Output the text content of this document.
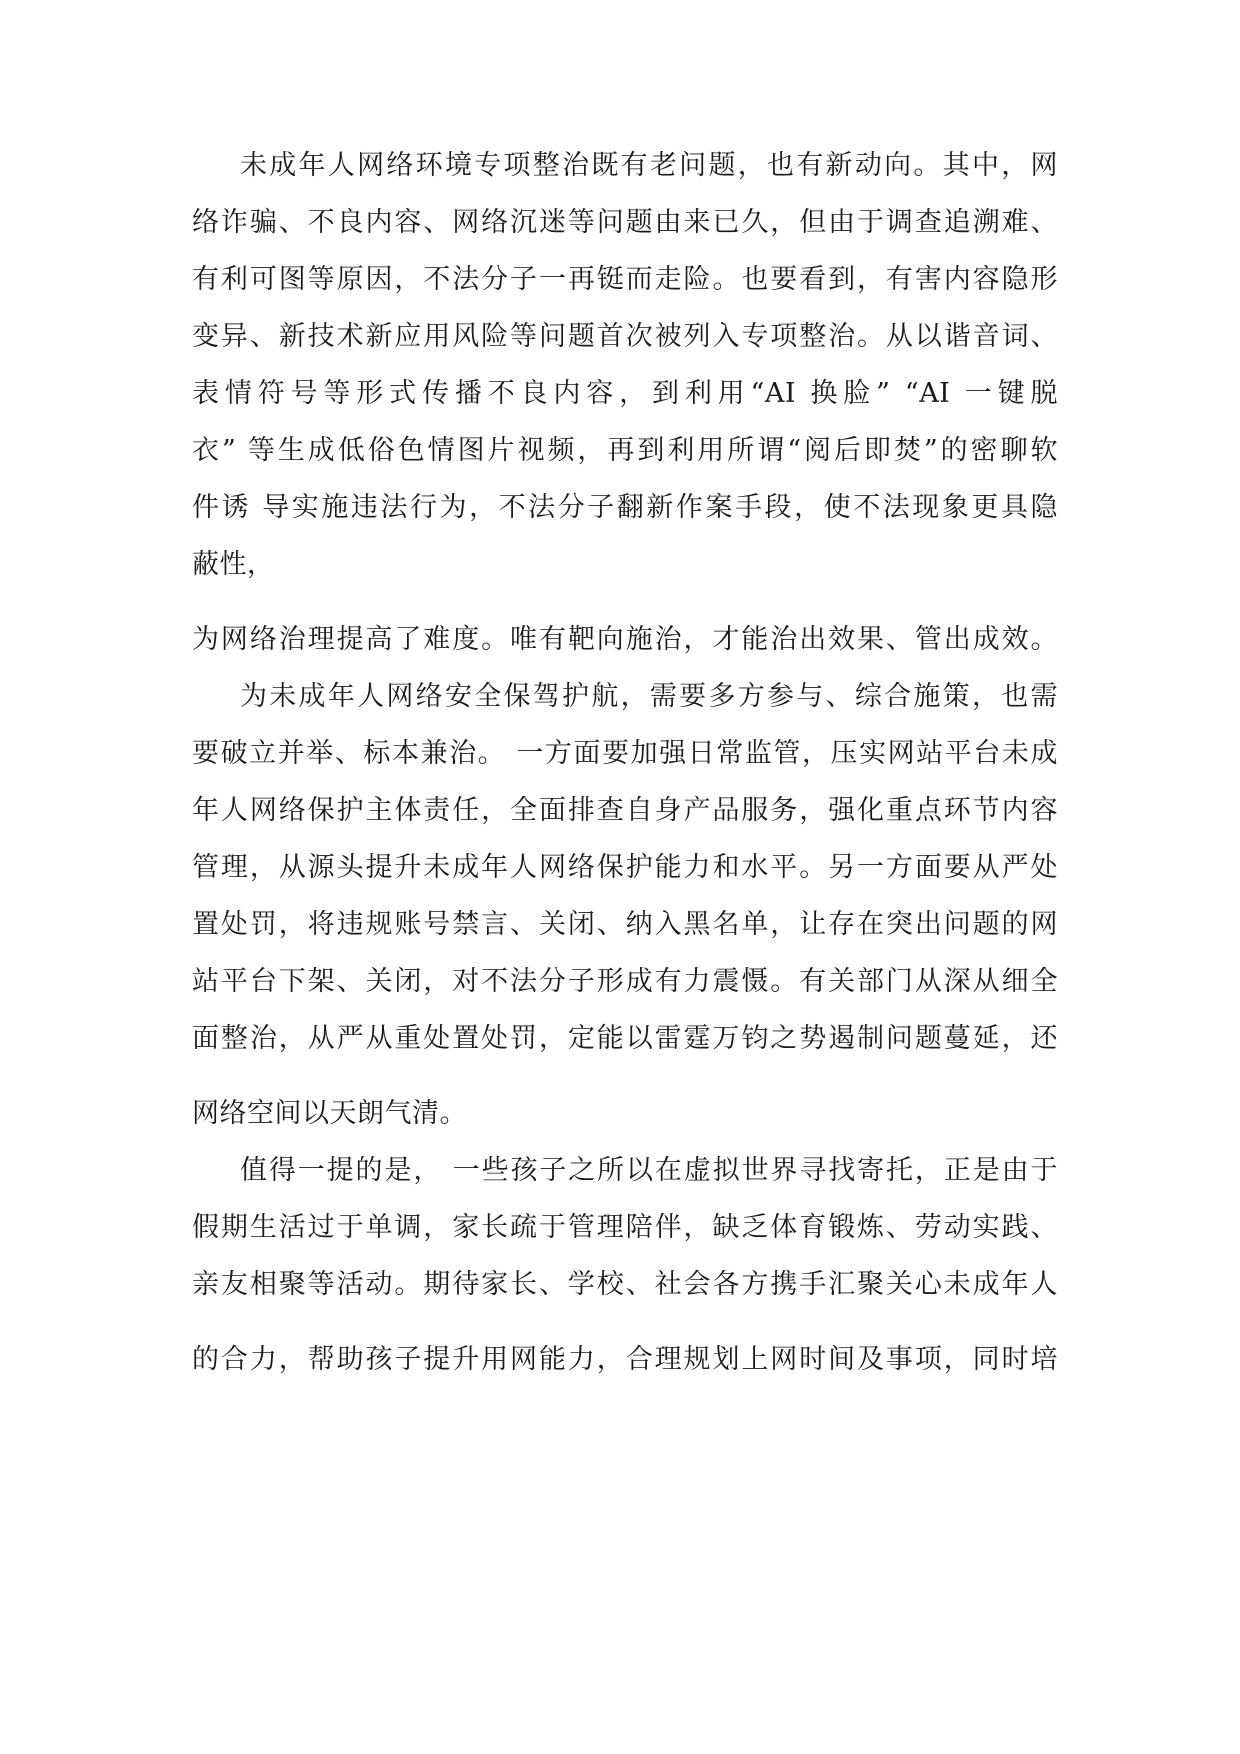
未成年人网络环境专项整治既有老问题，也有新动向。其中，网
络诈骗、不良内容、网络沉迷等问题由来已久，但由于调查追溯难、
有利可图等原因，不法分子一再铤而走险。也要看到，有害内容隐形
变异、新技术新应用风险等问题首次被列入专项整治。从以谐音词、
表情符号等形式传播不良内容，到利用“AI 换脸” “AI 一键脱
衣” 等生成低俗色情图片视频，再到利用所谓“阅后即焚”的密聊软
件诱 导实施违法行为，不法分子翻新作案手段，使不法现象更具隐
蔽性，
为网络治理提高了难度。唯有靶向施治，才能治出效果、管出成效。
为未成年人网络安全保驾护航，需要多方参与、综合施策，也需
要破立并举、标本兼治。 一方面要加强日常监管，压实网站平台未成
年人网络保护主体责任，全面排查自身产品服务，强化重点环节内容
管理，从源头提升未成年人网络保护能力和水平。另一方面要从严处
置处罚，将违规账号禁言、关闭、纳入黑名单，让存在突出问题的网
站平台下架、关闭，对不法分子形成有力震慑。有关部门从深从细全
面整治，从严从重处置处罚，定能以雷霆万钧之势遏制问题蔓延，还
网络空间以天朗气清。
值得一提的是， 一些孩子之所以在虚拟世界寻找寄托，正是由于
假期生活过于单调，家长疏于管理陪伴，缺乏体育锻炼、劳动实践、
亲友相聚等活动。期待家长、学校、社会各方携手汇聚关心未成年人
的合力，帮助孩子提升用网能力，合理规划上网时间及事项，同时培
